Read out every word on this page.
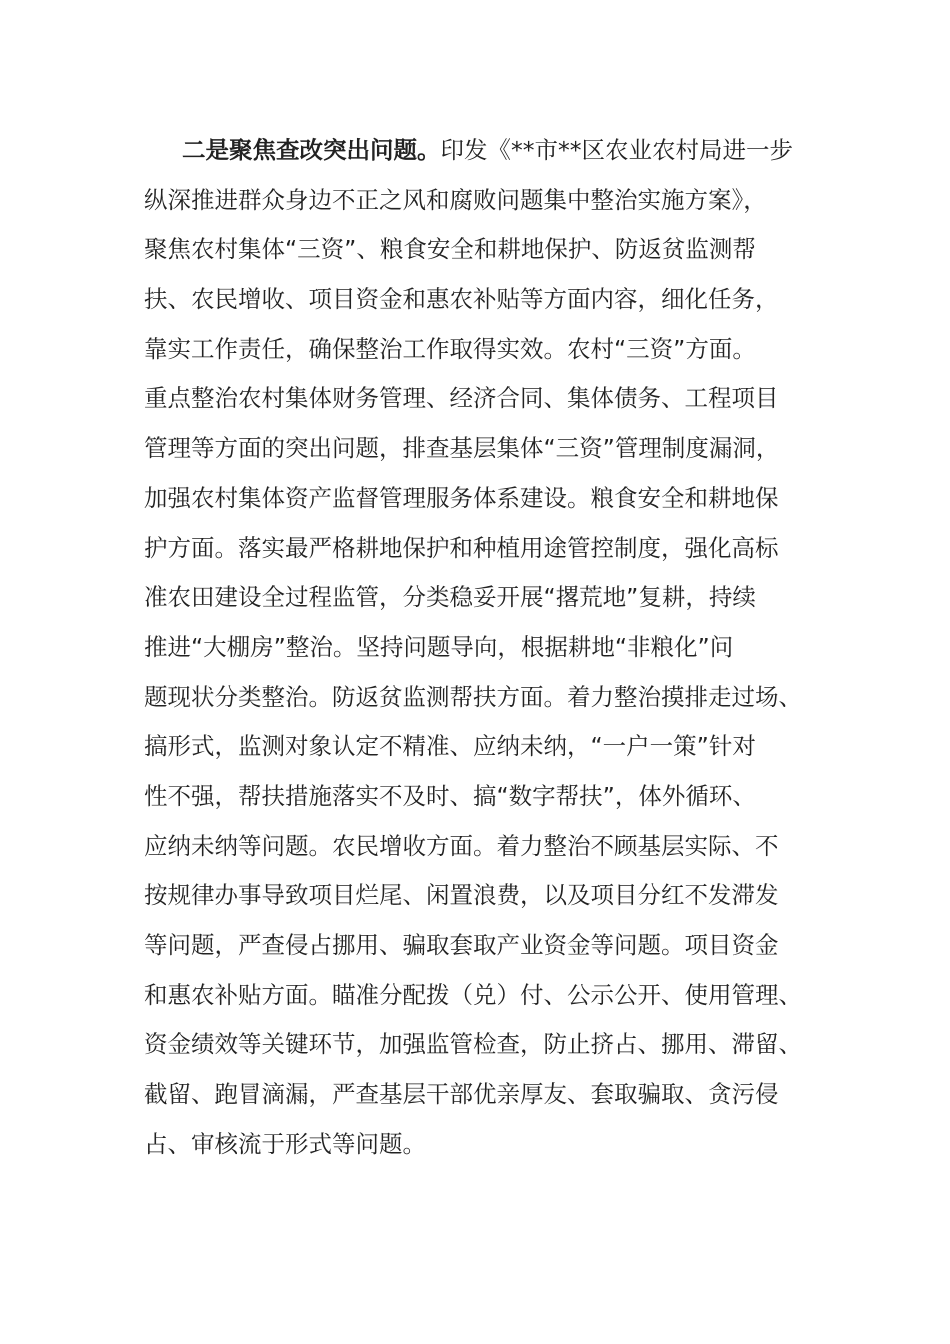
二是聚焦查改突出问题。印发《**市**区农业农村局进一步
纵深推进群众身边不正之风和腐败问题集中整治实施方案》，
聚焦农村集体“三资”、粮食安全和耕地保护、防返贫监测帮
扶、农民增收、项目资金和惠农补贴等方面内容，细化任务，
靠实工作责任，确保整治工作取得实效。农村“三资”方面。
重点整治农村集体财务管理、经济合同、集体债务、工程项目
管理等方面的突出问题，排查基层集体“三资”管理制度漏洞，
加强农村集体资产监督管理服务体系建设。粮食安全和耕地保
护方面。落实最严格耕地保护和种植用途管控制度，强化高标
准农田建设全过程监管，分类稳妥开展“撂荒地”复耕，持续
推进“大棚房”整治。坚持问题导向，根据耕地“非粮化”问
题现状分类整治。防返贫监测帮扶方面。着力整治摸排走过场、
搞形式，监测对象认定不精准、应纳未纳，“一户一策”针对
性不强，帮扶措施落实不及时、搞“数字帮扶”，体外循环、
应纳未纳等问题。农民增收方面。着力整治不顾基层实际、不
按规律办事导致项目烂尾、闲置浪费，以及项目分红不发滞发
等问题，严查侵占挪用、骗取套取产业资金等问题。项目资金
和惠农补贴方面。瞄准分配拨（兑）付、公示公开、使用管理、
资金绩效等关键环节，加强监管检查，防止挤占、挪用、滞留、
截留、跑冒滴漏，严查基层干部优亲厚友、套取骗取、贪污侵
占、审核流于形式等问题。
